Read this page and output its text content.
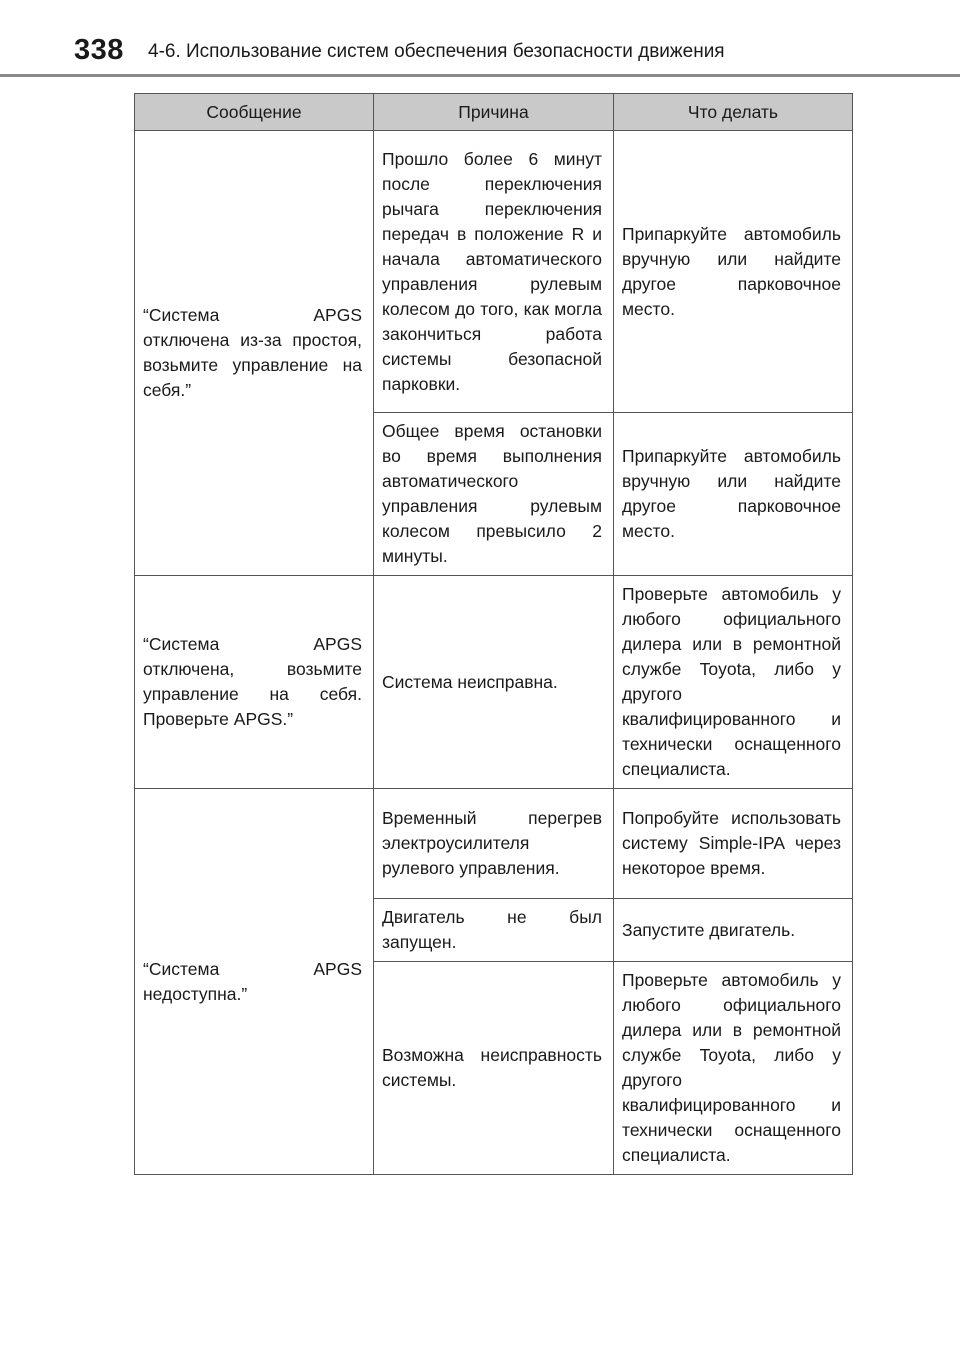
338 4-6. Использование систем обеспечения безопасности движения
Сообщение	Причина	Что делать
“Система APGS отключена из-за простоя, возьмите управление на себя.”	Прошло более 6 минут после переключения рычага переключения передач в положение R и начала автоматического управления рулевым колесом до того, как могла закончиться работа системы безопасной парковки.	Припаркуйте автомобиль вручную или найдите другое парковочное место.
	Общее время остановки во время выполнения автоматического управления рулевым колесом превысило 2 минуты.	Припаркуйте автомобиль вручную или найдите другое парковочное место.
“Система APGS отключена, возьмите управление на себя. Проверьте APGS.”	Система неисправна.	Проверьте автомобиль у любого официального дилера или в ремонтной службе Toyota, либо у другого квалифицированного и технически оснащенного специалиста.
“Система APGS недоступна.”	Временный перегрев электроусилителя рулевого управления.	Попробуйте использовать систему Simple-IPA через некоторое время.
	Двигатель не был запущен.	Запустите двигатель.
	Возможна неисправность системы.	Проверьте автомобиль у любого официального дилера или в ремонтной службе Toyota, либо у другого квалифицированного и технически оснащенного специалиста.
